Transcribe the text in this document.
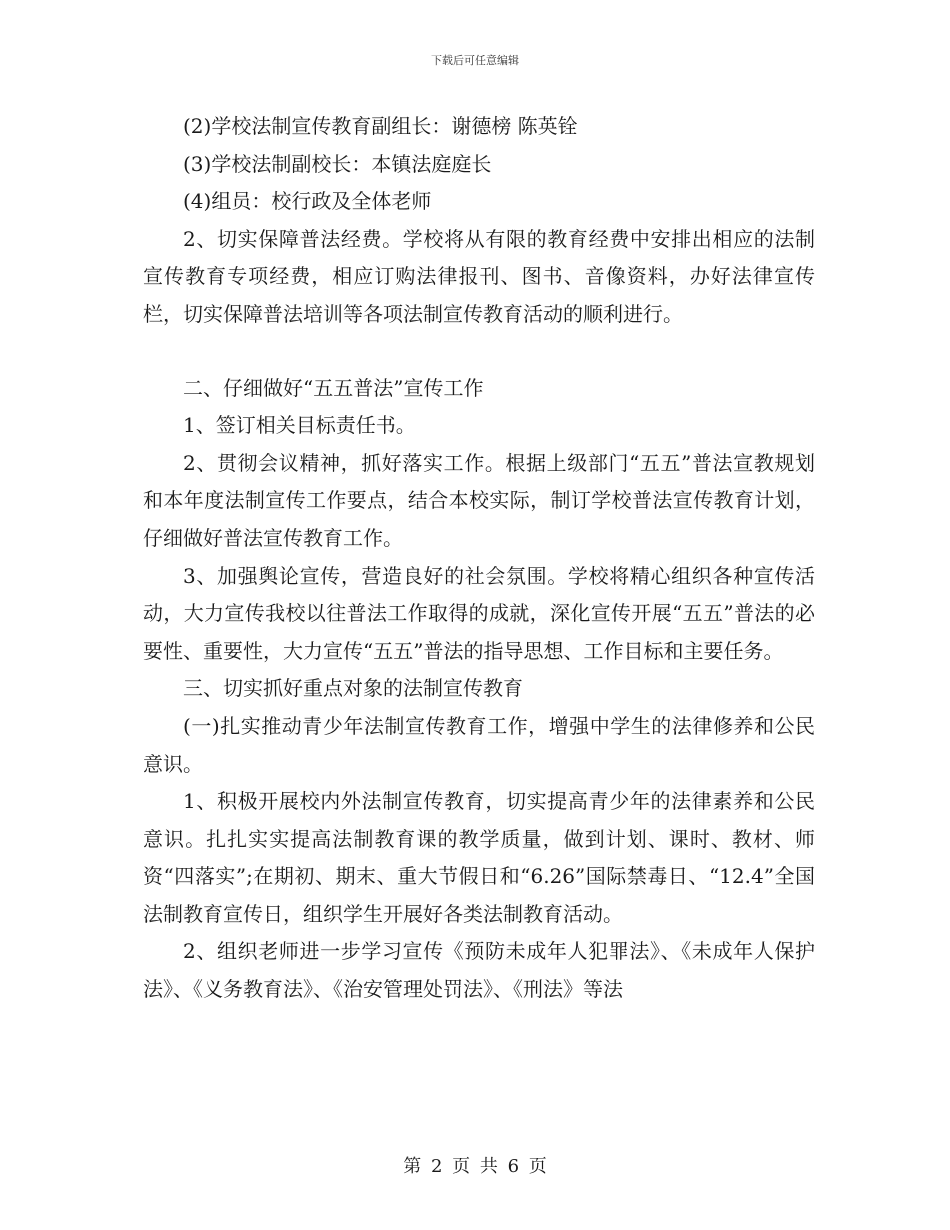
下载后可任意编辑

(2)学校法制宣传教育副组长：谢德榜 陈英铨

(3)学校法制副校长：本镇法庭庭长

(4)组员：校行政及全体老师

2、切实保障普法经费。学校将从有限的教育经费中安排出相应的法制宣传教育专项经费，相应订购法律报刊、图书、音像资料，办好法律宣传栏，切实保障普法培训等各项法制宣传教育活动的顺利进行。

二、仔细做好“五五普法”宣传工作

1、签订相关目标责任书。

2、贯彻会议精神，抓好落实工作。根据上级部门“五五”普法宣教规划和本年度法制宣传工作要点，结合本校实际，制订学校普法宣传教育计划，仔细做好普法宣传教育工作。

3、加强舆论宣传，营造良好的社会氛围。学校将精心组织各种宣传活动，大力宣传我校以往普法工作取得的成就，深化宣传开展“五五”普法的必要性、重要性，大力宣传“五五”普法的指导思想、工作目标和主要任务。

三、切实抓好重点对象的法制宣传教育

(一)扎实推动青少年法制宣传教育工作，增强中学生的法律修养和公民意识。

1、积极开展校内外法制宣传教育，切实提高青少年的法律素养和公民意识。扎扎实实提高法制教育课的教学质量，做到计划、课时、教材、师资“四落实”;在期初、期末、重大节假日和“6.26”国际禁毒日、“12.4”全国法制教育宣传日，组织学生开展好各类法制教育活动。

2、组织老师进一步学习宣传《预防未成年人犯罪法》、《未成年人保护法》、《义务教育法》、《治安管理处罚法》、《刑法》等法

第 2 页 共 6 页
